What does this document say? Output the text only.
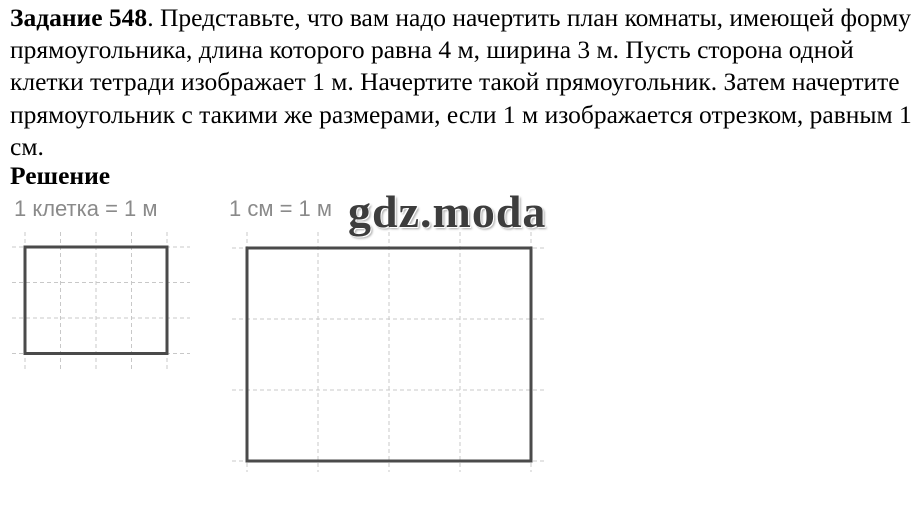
Задание 548. Представьте, что вам надо начертить план комнаты, имеющей форму прямоугольника, длина которого равна 4 м, ширина 3 м. Пусть сторона одной клетки тетради изображает 1 м. Начертите такой прямоугольник. Затем начертите прямоугольник с такими же размерами, если 1 м изображается отрезком, равным 1 см.

Решение
1 клетка = 1 м	1 см = 1 м gdz.moda
